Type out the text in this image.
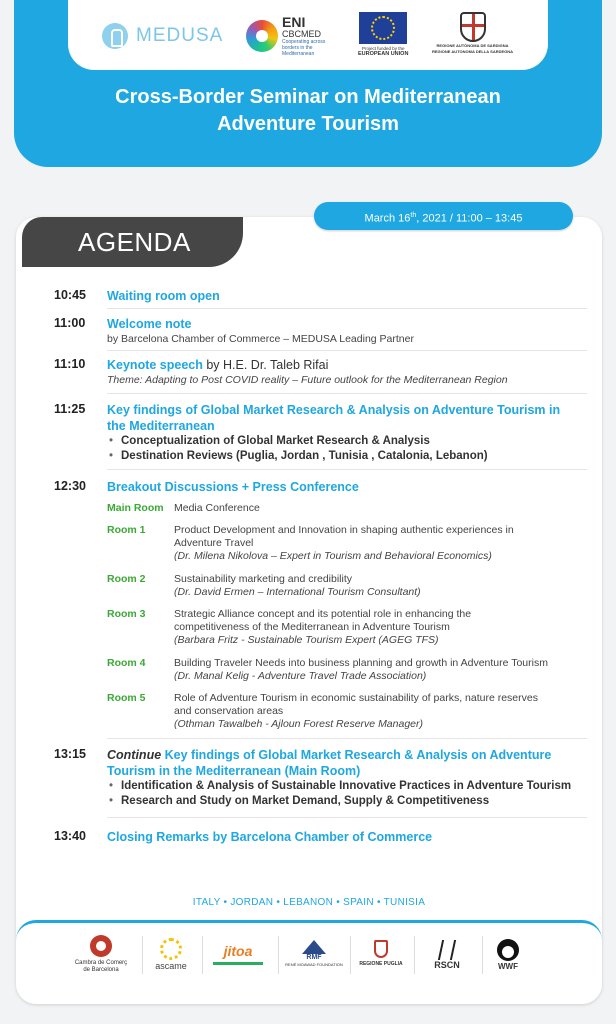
MEDUSA
ENI
CBCMED
Cooperating across borders in the Mediterranean
Project funded by the
EUROPEAN UNION
REGIONE AUTÒNOMA DE SARDIGNA
REGIONE AUTONOMA DELLA SARDEGNA
Cross-Border Seminar on Mediterranean
Adventure Tourism
AGENDA
March 16th, 2021 / 11:00 – 13:45
10:45 Waiting room open
11:00 Welcome note
by Barcelona Chamber of Commerce – MEDUSA Leading Partner
11:10 Keynote speech by H.E. Dr. Taleb Rifai
Theme: Adapting to Post COVID reality – Future outlook for the Mediterranean Region
11:25 Key findings of Global Market Research & Analysis on Adventure Tourism in
the Mediterranean
• Conceptualization of Global Market Research & Analysis
• Destination Reviews (Puglia, Jordan , Tunisia , Catalonia, Lebanon)
12:30 Breakout Discussions + Press Conference
Main Room Media Conference
Room 1	Product Development and Innovation in shaping authentic experiences in
Adventure Travel
(Dr. Milena Nikolova – Expert in Tourism and Behavioral Economics)
Room 2	Sustainability marketing and credibility
(Dr. David Ermen – International Tourism Consultant)
Room 3	Strategic Alliance concept and its potential role in enhancing the
competitiveness of the Mediterranean in Adventure Tourism
(Barbara Fritz - Sustainable Tourism Expert (AGEG TFS)
Room 4	Building Traveler Needs into business planning and growth in Adventure Tourism
(Dr. Manal Kelig - Adventure Travel Trade Association)
Room 5	Role of Adventure Tourism in economic sustainability of parks, nature reserves
and conservation areas
(Othman Tawalbeh - Ajloun Forest Reserve Manager)
13:15 Continue Key findings of Global Market Research & Analysis on Adventure
Tourism in the Mediterranean (Main Room)
• Identification & Analysis of Sustainable Innovative Practices in Adventure Tourism
• Research and Study on Market Demand, Supply & Competitiveness
13:40 Closing Remarks by Barcelona Chamber of Commerce
ITALY • JORDAN • LEBANON • SPAIN • TUNISIA
Cambra de Comerç
de Barcelona	ascame
jitoa	RMF
RENÉ MOAWAD FOUNDATION	REGIONE PUGLIA	RSCN	WWF
